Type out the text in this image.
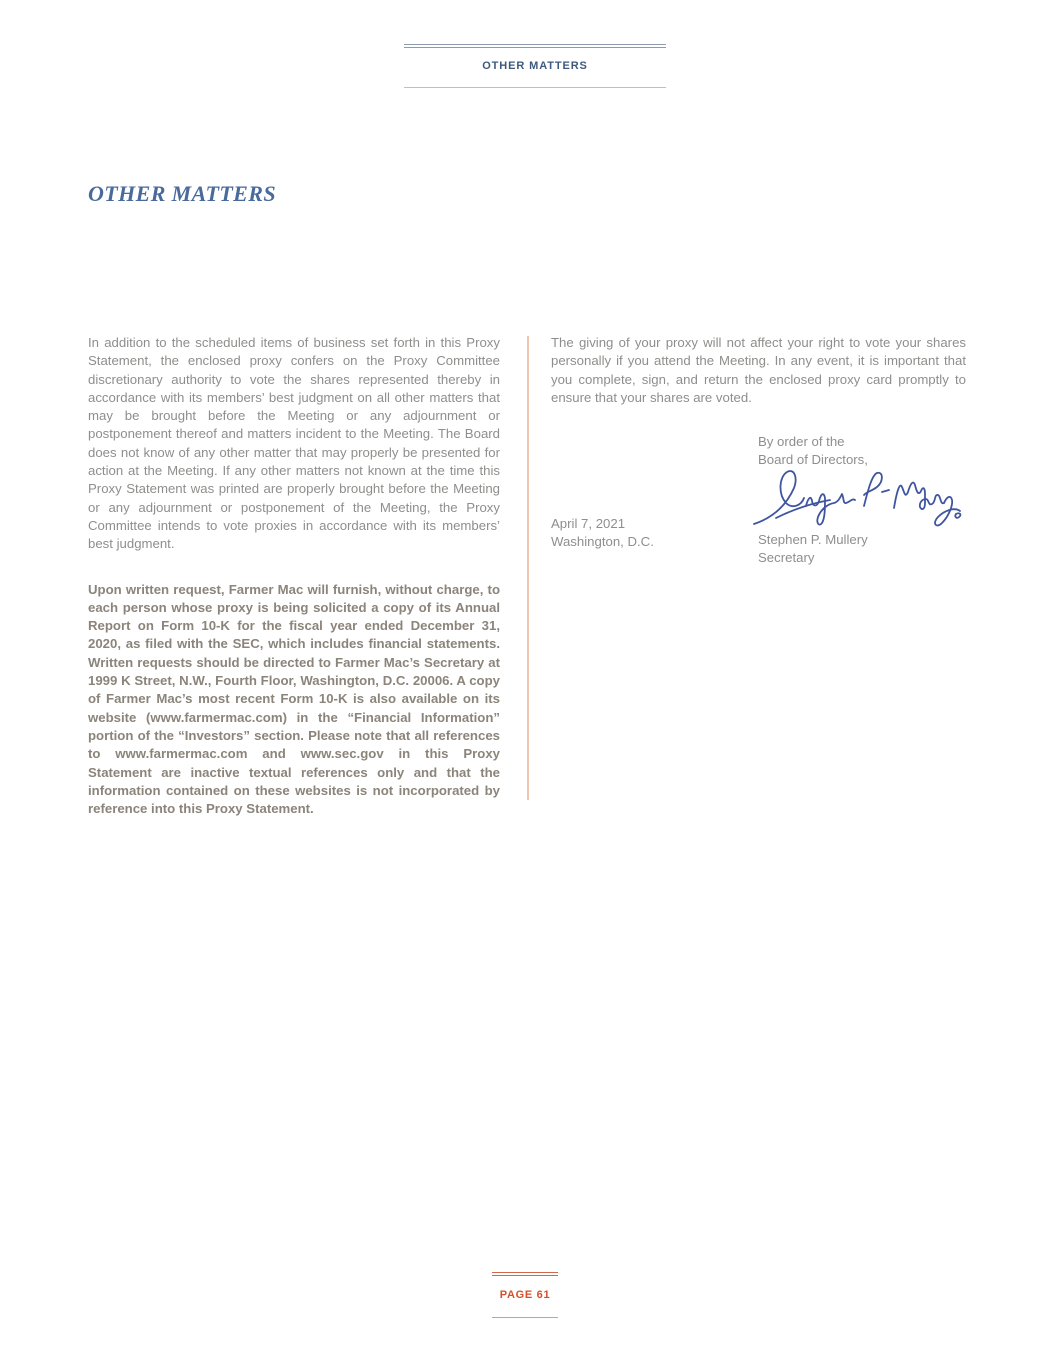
OTHER MATTERS
OTHER MATTERS

In addition to the scheduled items of business set forth in this Proxy Statement, the enclosed proxy confers on the Proxy Committee discretionary authority to vote the shares represented thereby in accordance with its members’ best judgment on all other matters that may be brought before the Meeting or any adjournment or postponement thereof and matters incident to the Meeting. The Board does not know of any other matter that may properly be presented for action at the Meeting. If any other matters not known at the time this Proxy Statement was printed are properly brought before the Meeting or any adjournment or postponement of the Meeting, the Proxy Committee intends to vote proxies in accordance with its members’ best judgment.

Upon written request, Farmer Mac will furnish, without charge, to each person whose proxy is being solicited a copy of its Annual Report on Form 10-K for the fiscal year ended December 31, 2020, as filed with the SEC, which includes financial statements. Written requests should be directed to Farmer Mac’s Secretary at 1999 K Street, N.W., Fourth Floor, Washington, D.C. 20006. A copy of Farmer Mac’s most recent Form 10-K is also available on its website (www.farmermac.com) in the “Financial Information” portion of the “Investors” section. Please note that all references to www.farmermac.com and www.sec.gov in this Proxy Statement are inactive textual references only and that the information contained on these websites is not incorporated by reference into this Proxy Statement.

The giving of your proxy will not affect your right to vote your shares personally if you attend the Meeting. In any event, it is important that you complete, sign, and return the enclosed proxy card promptly to ensure that your shares are voted.

By order of the
Board of Directors,
April 7, 2021
Washington, D.C.	Stephen P. Mullery
Secretary
PAGE 61
